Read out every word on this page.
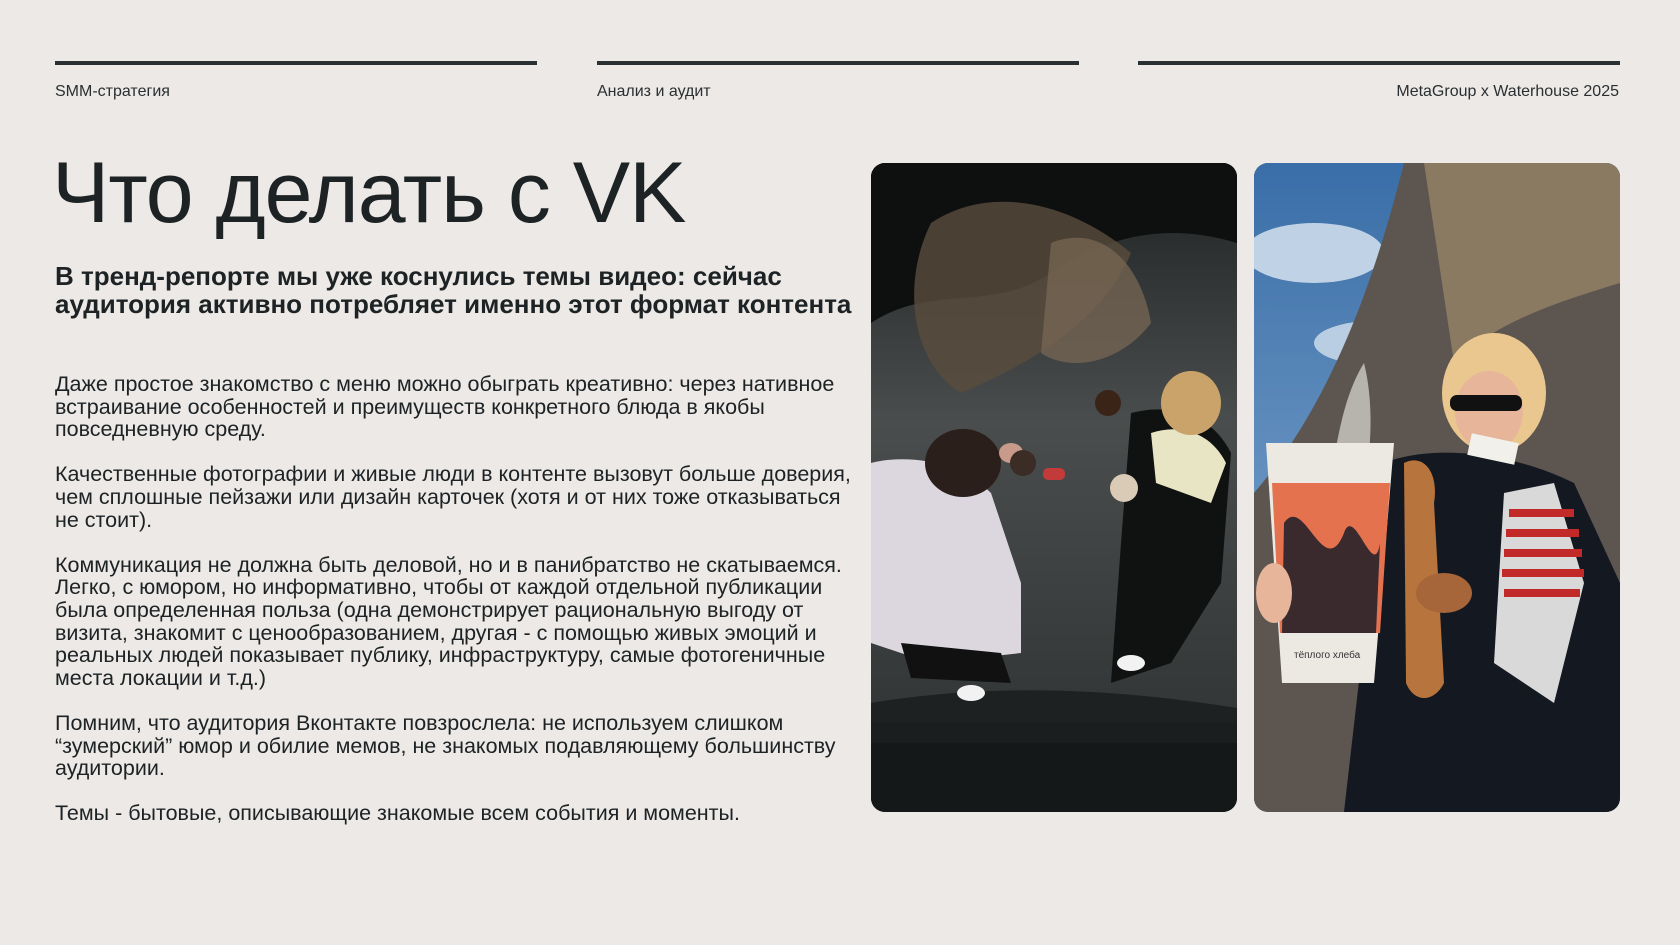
SMM-стратегия	Анализ и аудит	MetaGroup x Waterhouse 2025
Что делать с VK

В тренд-репорте мы уже коснулись темы видео: сейчас аудитория активно потребляет именно этот формат контента

Даже простое знакомство с меню можно обыграть креативно: через нативное встраивание особенностей и преимуществ конкретного блюда в якобы повседневную среду.

Качественные фотографии и живые люди в контенте вызовут больше доверия, чем сплошные пейзажи или дизайн карточек (хотя и от них тоже отказываться не стоит).

Коммуникация не должна быть деловой, но и в панибратство не скатываемся. Легко, с юмором, но информативно, чтобы от каждой отдельной публикации была определенная польза (одна демонстрирует рациональную выгоду от визита, знакомит с ценообразованием, другая - с помощью живых эмоций и реальных людей показывает публику, инфраструктуру, самые фотогеничные места локации и т.д.)

Помним, что аудитория Вконтакте повзрослела: не используем слишком “зумерский” юмор и обилие мемов, не знакомых подавляющему большинству аудитории.

Темы - бытовые, описывающие знакомые всем события и моменты.

тёплого хлеба
